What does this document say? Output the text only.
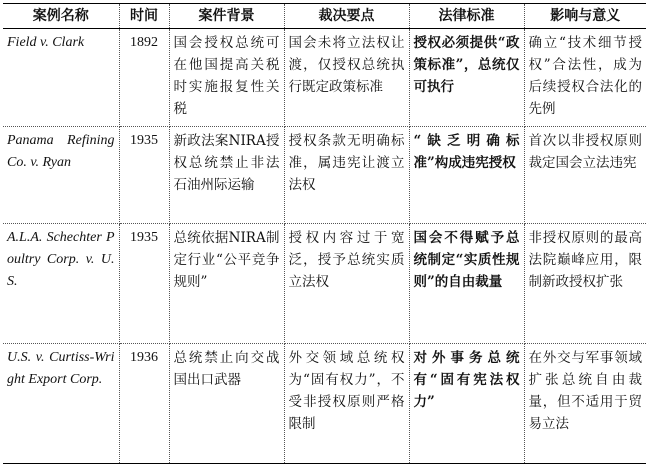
案例名称	时间	案件背景	裁决要点	法律标准	影响与意义
Field v. Clark	1892	国会授权总统可在他国提高关税时实施报复性关税	国会未将立法权让渡，仅授权总统执行既定政策标准	授权必须提供“政策标准”，总统仅可执行	确立“技术细节授权”合法性，成为后续授权合法化的先例
Panama Refining Co. v. Ryan	1935	新政法案NIRA授权总统禁止非法石油州际运输	授权条款无明确标准，属违宪让渡立法权	“缺乏明确标准”构成违宪授权	首次以非授权原则裁定国会立法违宪
A.L.A. Schechter Poultry Corp. v. U.S.	1935	总统依据NIRA制定行业“公平竞争规则”	授权内容过于宽泛，授予总统实质立法权	国会不得赋予总统制定“实质性规则”的自由裁量	非授权原则的最高法院巅峰应用，限制新政授权扩张
U.S. v. Curtiss-Wright Export Corp.	1936	总统禁止向交战国出口武器	外交领域总统权为“固有权力”，不受非授权原则严格限制	对外事务总统有“固有宪法权力”	在外交与军事领域扩张总统自由裁量，但不适用于贸易立法
